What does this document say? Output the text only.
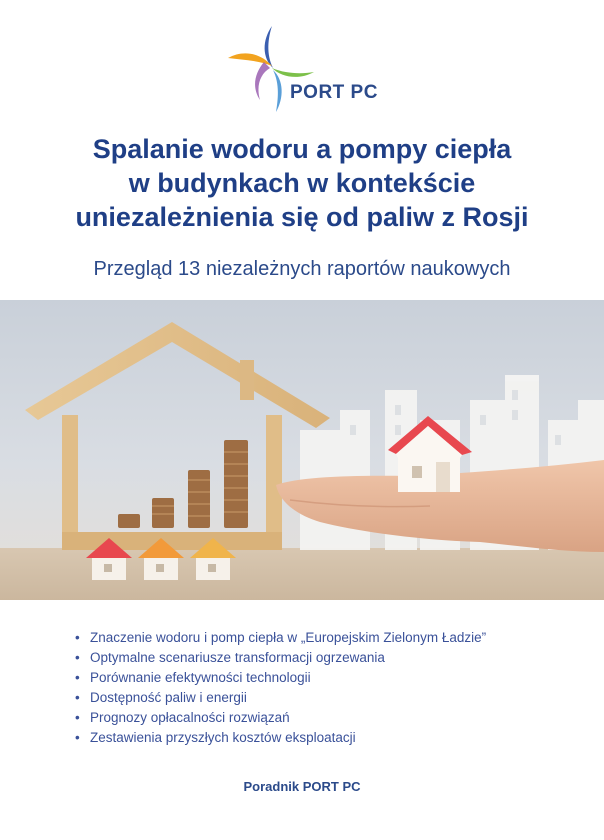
PORT PC
Spalanie wodoru a pompy ciepła
w budynkach w kontekście
uniezależnienia się od paliw z Rosji
Przegląd 13 niezależnych raportów naukowych
• Znaczenie wodoru i pomp ciepła w „Europejskim Zielonym Ładzie”
• Optymalne scenariusze transformacji ogrzewania
• Porównanie efektywności technologii
• Dostępność paliw i energii
• Prognozy opłacalności rozwiązań
• Zestawienia przyszłych kosztów eksploatacji
Poradnik PORT PC
